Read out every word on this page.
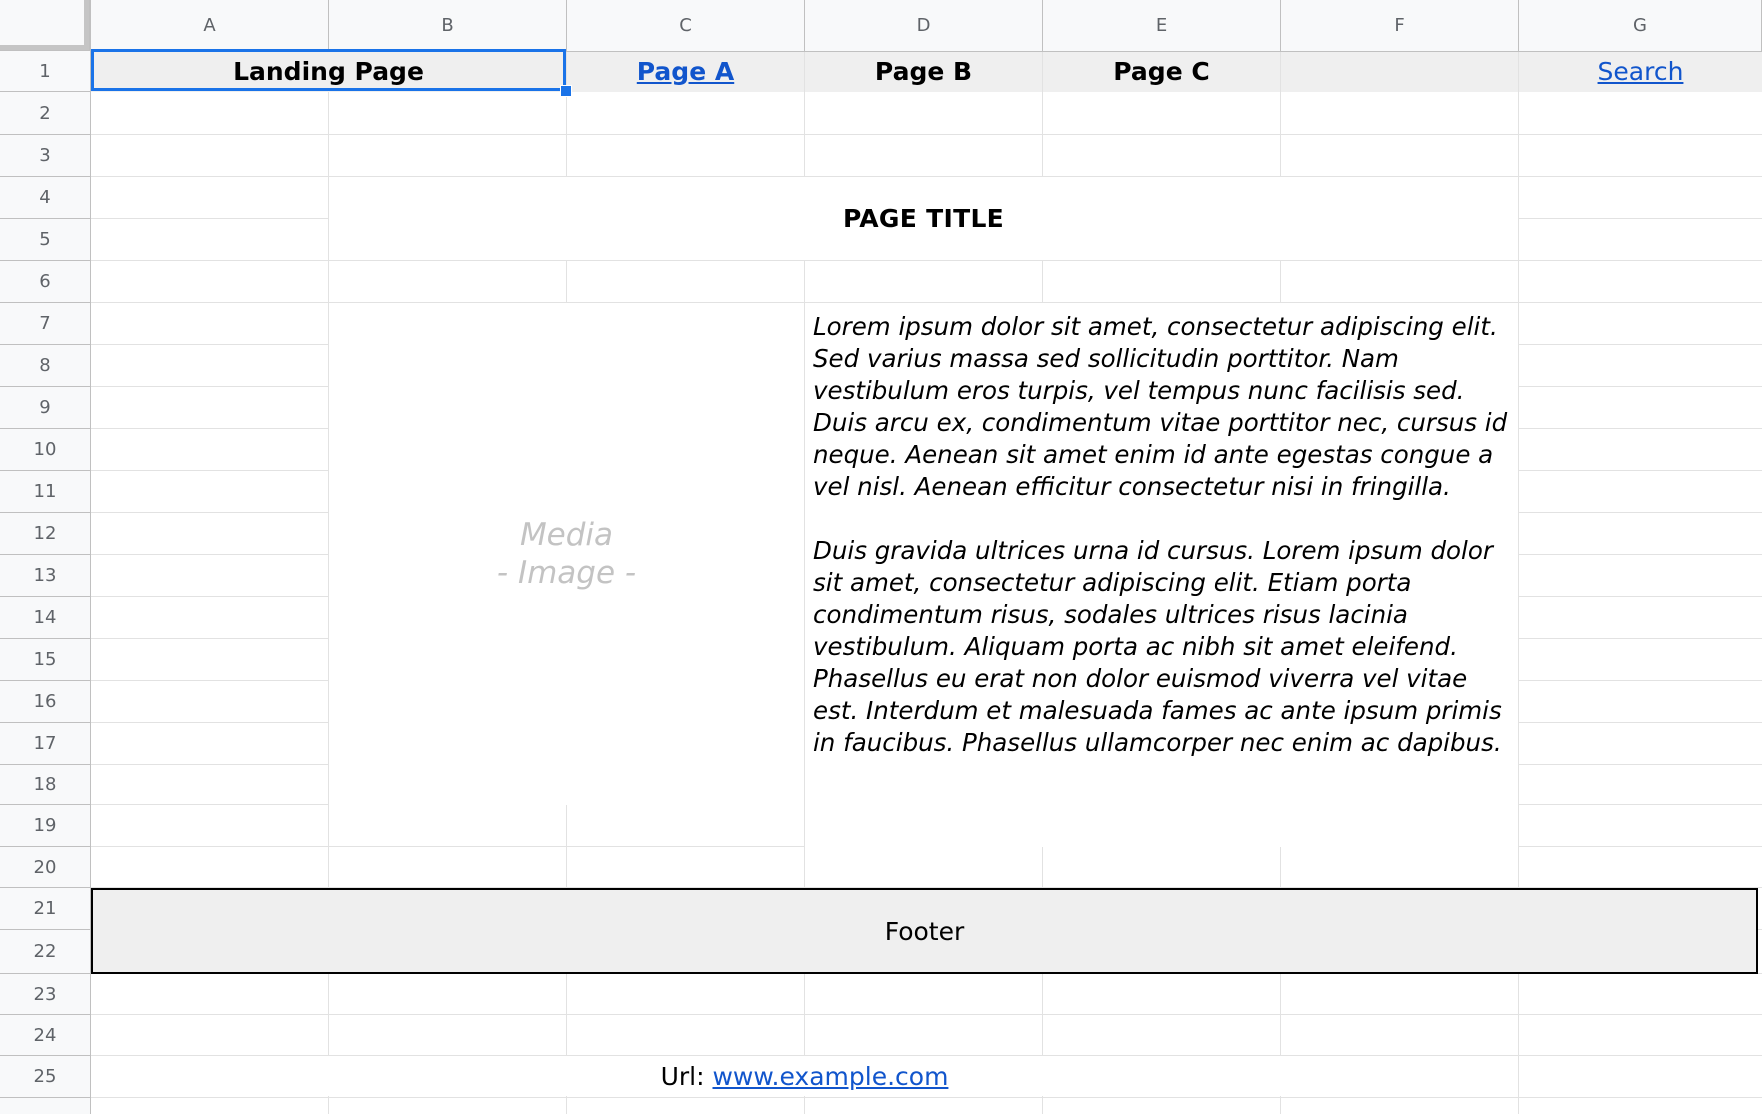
Landing Page	Page A	Page B	Page C	Search
PAGE TITLE
Media
- Image -

Lorem ipsum dolor sit amet, consectetur adipiscing elit. Sed varius massa sed sollicitudin porttitor. Nam vestibulum eros turpis, vel tempus nunc facilisis sed. Duis arcu ex, condimentum vitae porttitor nec, cursus id neque. Aenean sit amet enim id ante egestas congue a vel nisl. Aenean efficitur consectetur nisi in fringilla.

Duis gravida ultrices urna id cursus. Lorem ipsum dolor sit amet, consectetur adipiscing elit. Etiam porta condimentum risus, sodales ultrices risus lacinia vestibulum. Aliquam porta ac nibh sit amet eleifend. Phasellus eu erat non dolor euismod viverra vel vitae est. Interdum et malesuada fames ac ante ipsum primis in faucibus. Phasellus ullamcorper nec enim ac dapibus.

Footer
Url: www.example.com
A	B	C	D	E	F	G
1
2
3
4
5
6
7
8
9
10
11
12
13
14
15
16
17
18
19
20
21
22
23
24
25
